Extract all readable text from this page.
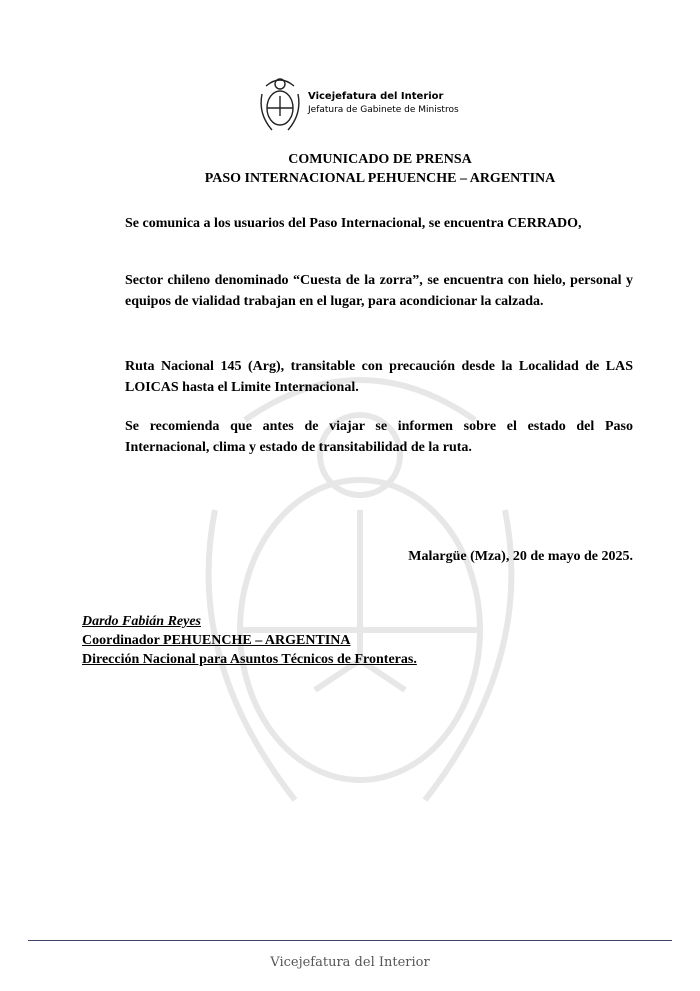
Vicejefatura del Interior
Jefatura de Gabinete de Ministros
COMUNICADO DE PRENSA
PASO INTERNACIONAL PEHUENCHE – ARGENTINA
Se comunica a los usuarios del Paso Internacional, se encuentra CERRADO,
Sector chileno denominado “Cuesta de la zorra”, se encuentra con hielo, personal y equipos de vialidad trabajan en el lugar, para acondicionar la calzada.
Ruta Nacional 145 (Arg), transitable con precaución desde la Localidad de LAS LOICAS hasta el Limite Internacional.
Se recomienda que antes de viajar se informen sobre el estado del Paso Internacional, clima y estado de transitabilidad de la ruta.
Malargüe (Mza), 20 de mayo de 2025.
Dardo Fabián Reyes
Coordinador PEHUENCHE – ARGENTINA
Dirección Nacional para Asuntos Técnicos de Fronteras.
Vicejefatura del Interior
